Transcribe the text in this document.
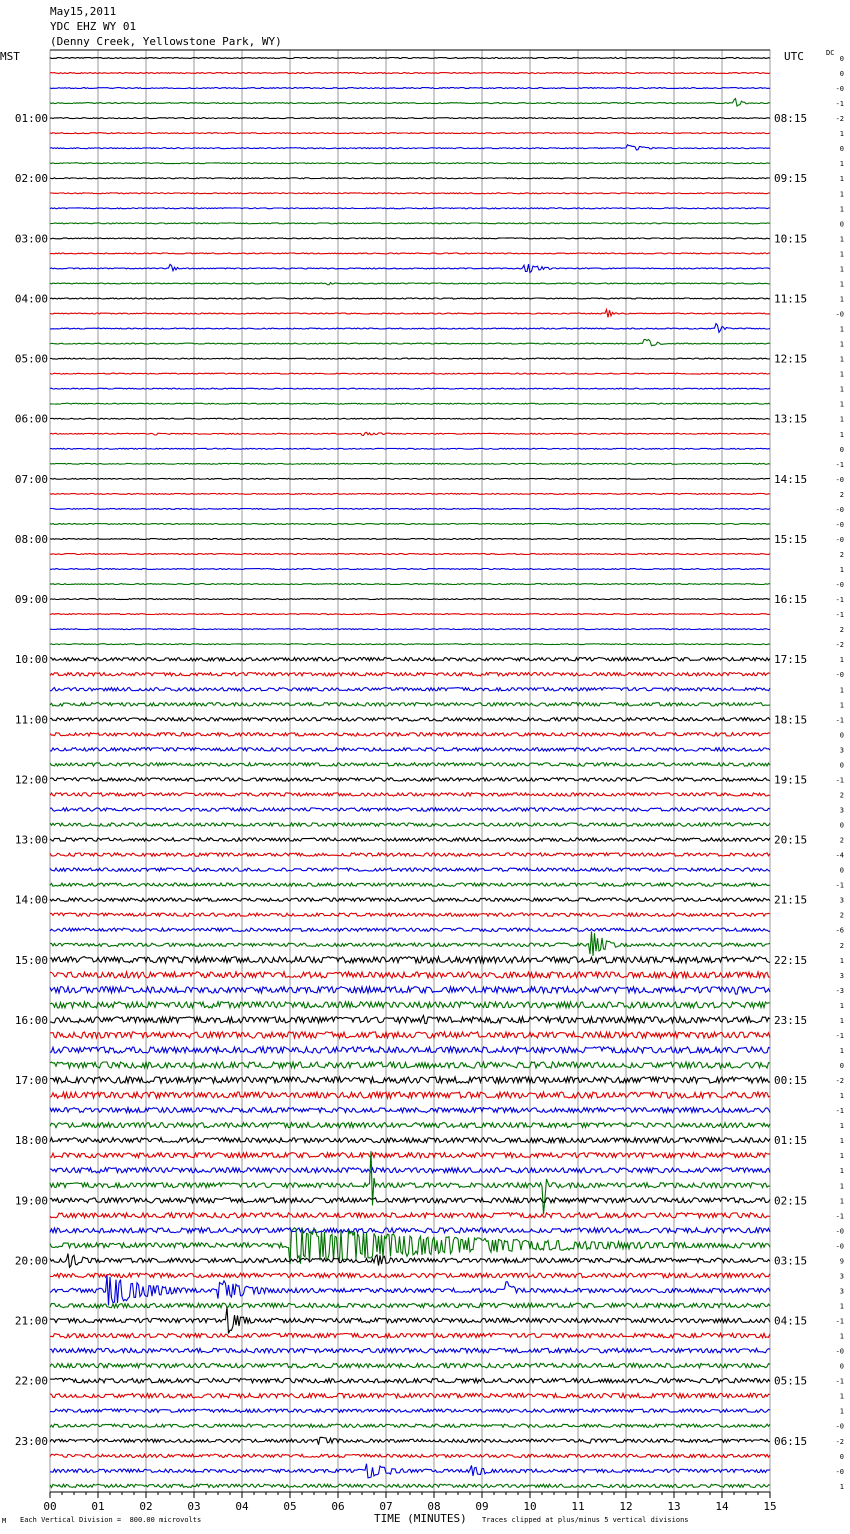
May15,2011
YDC EHZ WY 01
(Denny Creek, Yellowstone Park, WY)
MST	UTC	DC
00	01	02	03	04	05	06	07	08	09	10	11	12	13	14	15
01:00	08:15
02:00	09:15
03:00	10:15
04:00	11:15
05:00	12:15
06:00	13:15
07:00	14:15
08:00	15:15
09:00	16:15
10:00	17:15
11:00	18:15
12:00	19:15
13:00	20:15
14:00	21:15
15:00	22:15
16:00	23:15
17:00	00:15
18:00	01:15
19:00	02:15
20:00	03:15
21:00	04:15
22:00	05:15
23:00	06:15
0
0
-0
-1
-2
1
0
1
1
1
1
0
1
1
1
1
1
-0
1
1
1
1
1
1
1
1
0
-1
-0
2
-0
-0
-0
2
1
-0
-1
-1
2
-2
1
-0
1
1
-1
0
3
0
-1
2
3
0
2
-4
0
-1
3
2
-6
2
1
3
-3
1
1
-1
1
0
-2
1
-1
1
1
1
1
1
1
-1
-0
-0
9
3
3
1
-1
1
-0
0
-1
1
1
-0
-2
0
-0
1
M Each Vertical Division =  800.00 microvolts	TIME (MINUTES) Traces clipped at plus/minus 5 vertical divisions
